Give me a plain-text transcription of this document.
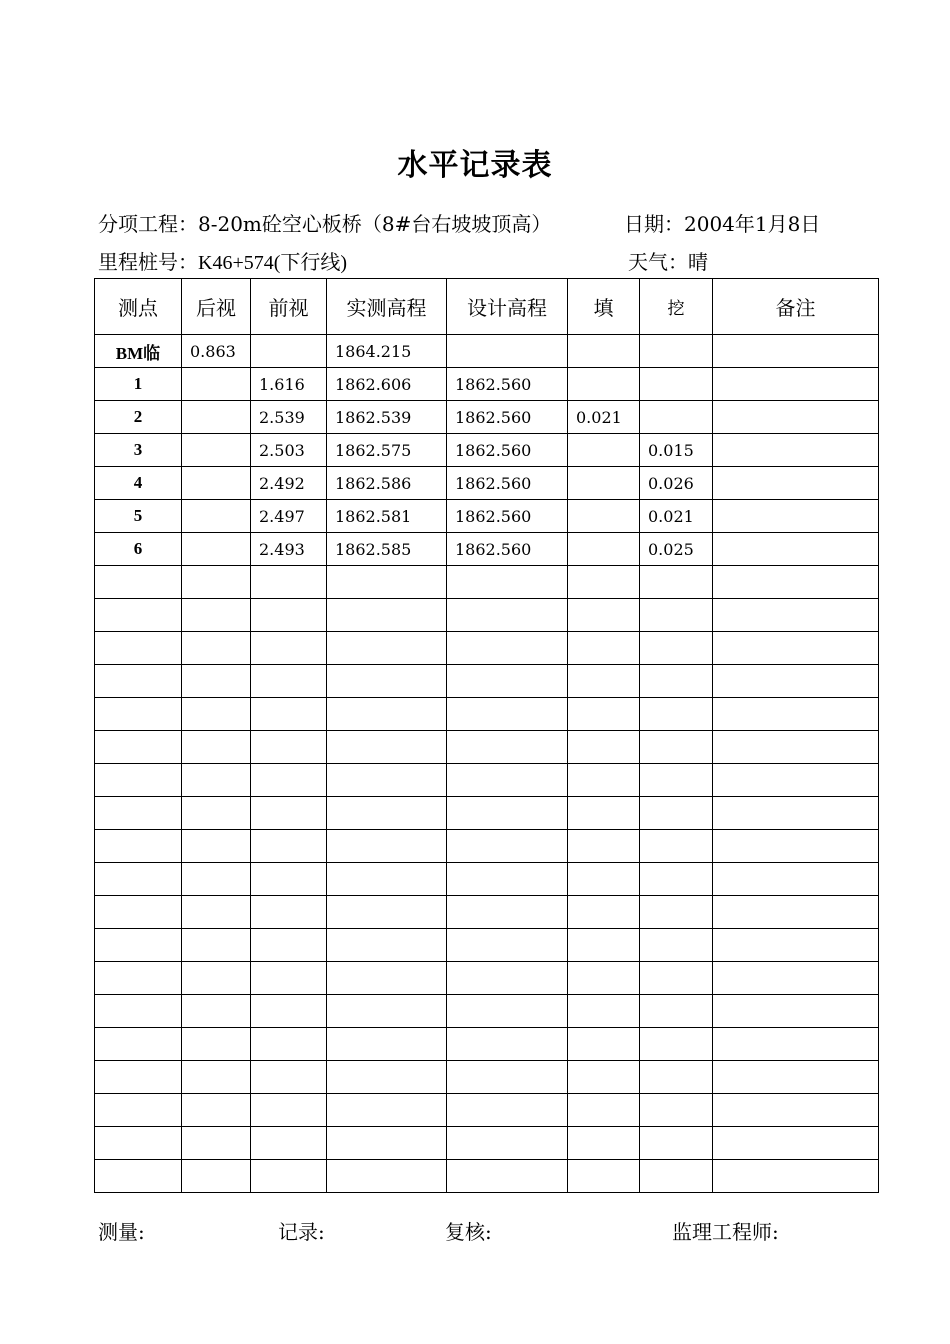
水平记录表
分项工程：8-20m砼空心板桥（8#台右坡坡顶高）	日期：2004年1月8日
里程桩号：K46+574(下行线)	天气：晴
测点	后视	前视	实测高程	设计高程	填	挖	备注
BM临	0.863		1864.215				
1		1.616	1862.606	1862.560			
2		2.539	1862.539	1862.560	0.021		
3		2.503	1862.575	1862.560		0.015	
4		2.492	1862.586	1862.560		0.026	
5		2.497	1862.581	1862.560		0.021	
6		2.493	1862.585	1862.560		0.025	

测量:	记录:	复核:	监理工程师:
